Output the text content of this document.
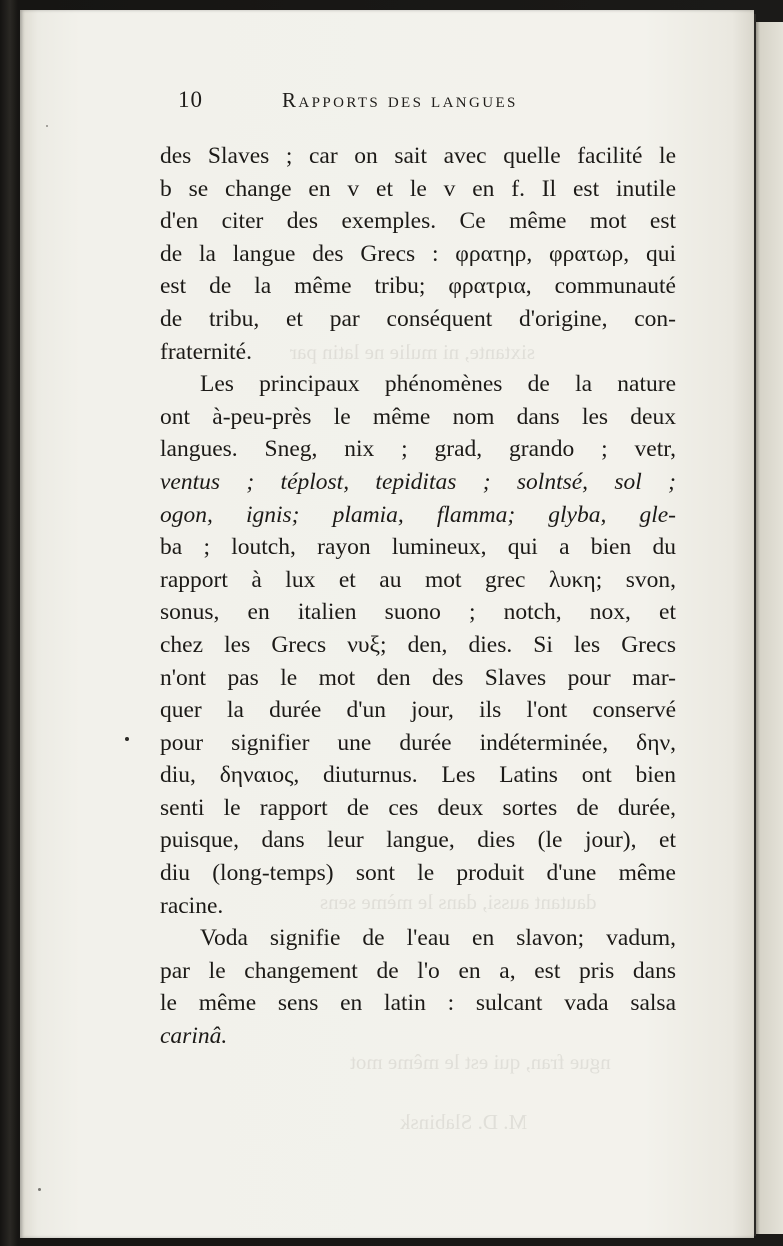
sixtante, ni mulie ne latin par
dautant aussi, dans le mème sens
ngue fran, qui est le même mot
M. D. Slabinsk
10	Rapports des langues
des Slaves ; car on sait avec quelle facilité le
b se change en v et le v en f. Il est inutile
d'en citer des exemples. Ce même mot est
de la langue des Grecs : φρατηρ, φρατωρ, qui
est de la même tribu; φρατρια, communauté
de tribu, et par conséquent d'origine, con-
fraternité.
Les principaux phénomènes de la nature
ont à-peu-près le même nom dans les deux
langues. Sneg, nix ; grad, grando ; vetr,
ventus ; téplost, tepiditas ; solntsé, sol ;
ogon, ignis; plamia, flamma; glyba, gle-
ba ; loutch, rayon lumineux, qui a bien du
rapport à lux et au mot grec λυκη; svon,
sonus, en italien suono ; notch, nox, et
chez les Grecs νυξ; den, dies. Si les Grecs
n'ont pas le mot den des Slaves pour mar-
quer la durée d'un jour, ils l'ont conservé
pour signifier une durée indéterminée, δην,
diu, δηναιος, diuturnus. Les Latins ont bien
senti le rapport de ces deux sortes de durée,
puisque, dans leur langue, dies (le jour), et
diu (long-temps) sont le produit d'une même
racine.
Voda signifie de l'eau en slavon; vadum,
par le changement de l'o en a, est pris dans
le même sens en latin : sulcant vada salsa
carinâ.
